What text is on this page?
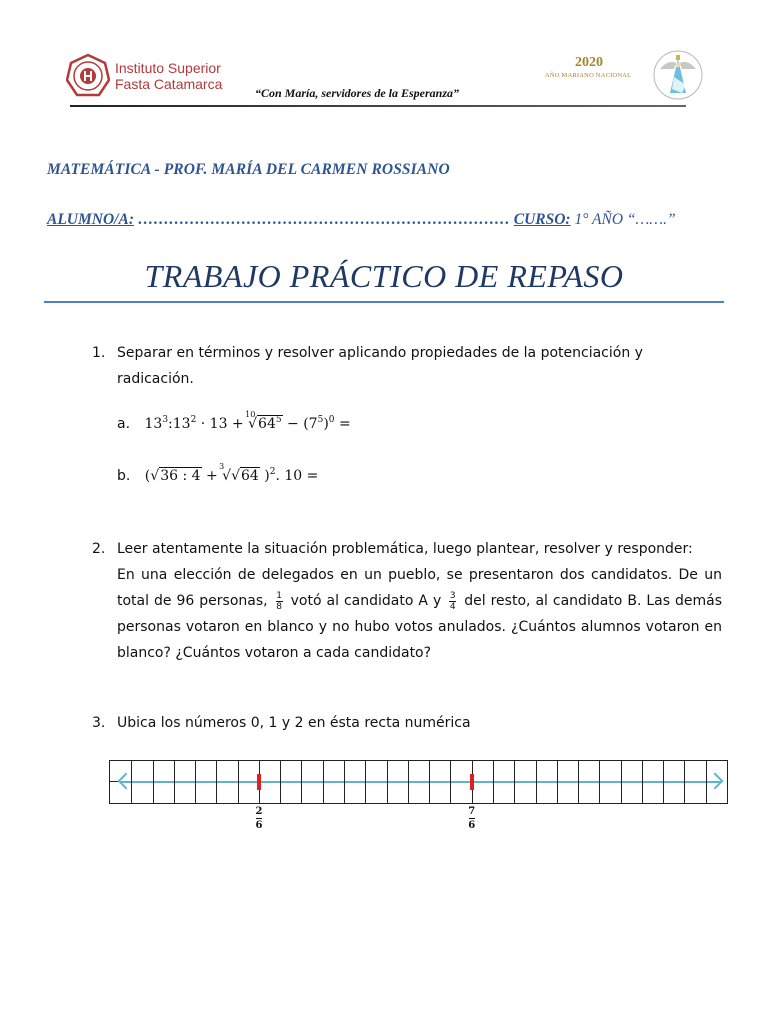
Instituto Superior
Fasta Catamarca
“Con María, servidores de la Esperanza”
2020
AÑO MARIANO NACIONAL
MATEMÁTICA - PROF. MARÍA DEL CARMEN ROSSIANO
ALUMNO/A: ……………………………………………………………… CURSO: 1° AÑO “…….”
TRABAJO PRÁCTICO DE REPASO
1. Separar en términos y resolver aplicando propiedades de la potenciación y radicación.
a. $13^3:13^2 \cdot 13$ +
10
$√64^5 - (7^5)^0$ =
b. (√36 : 4 +
3
√√64 )$^2$. 10 =
2. Leer atentamente la situación problemática, luego plantear, resolver y responder:

En una elección de delegados en un pueblo, se presentaron dos candidatos. De un total de 96 personas, $\frac{1}{8}$ votó al candidato A y $\frac{3}{4}$ del resto, al candidato B. Las demás personas votaron en blanco y no hubo votos anulados. ¿Cuántos alumnos votaron en blanco? ¿Cuántos votaron a cada candidato?

3. Ubica los números 0, 1 y 2 en ésta recta numérica
2
6
7
6
